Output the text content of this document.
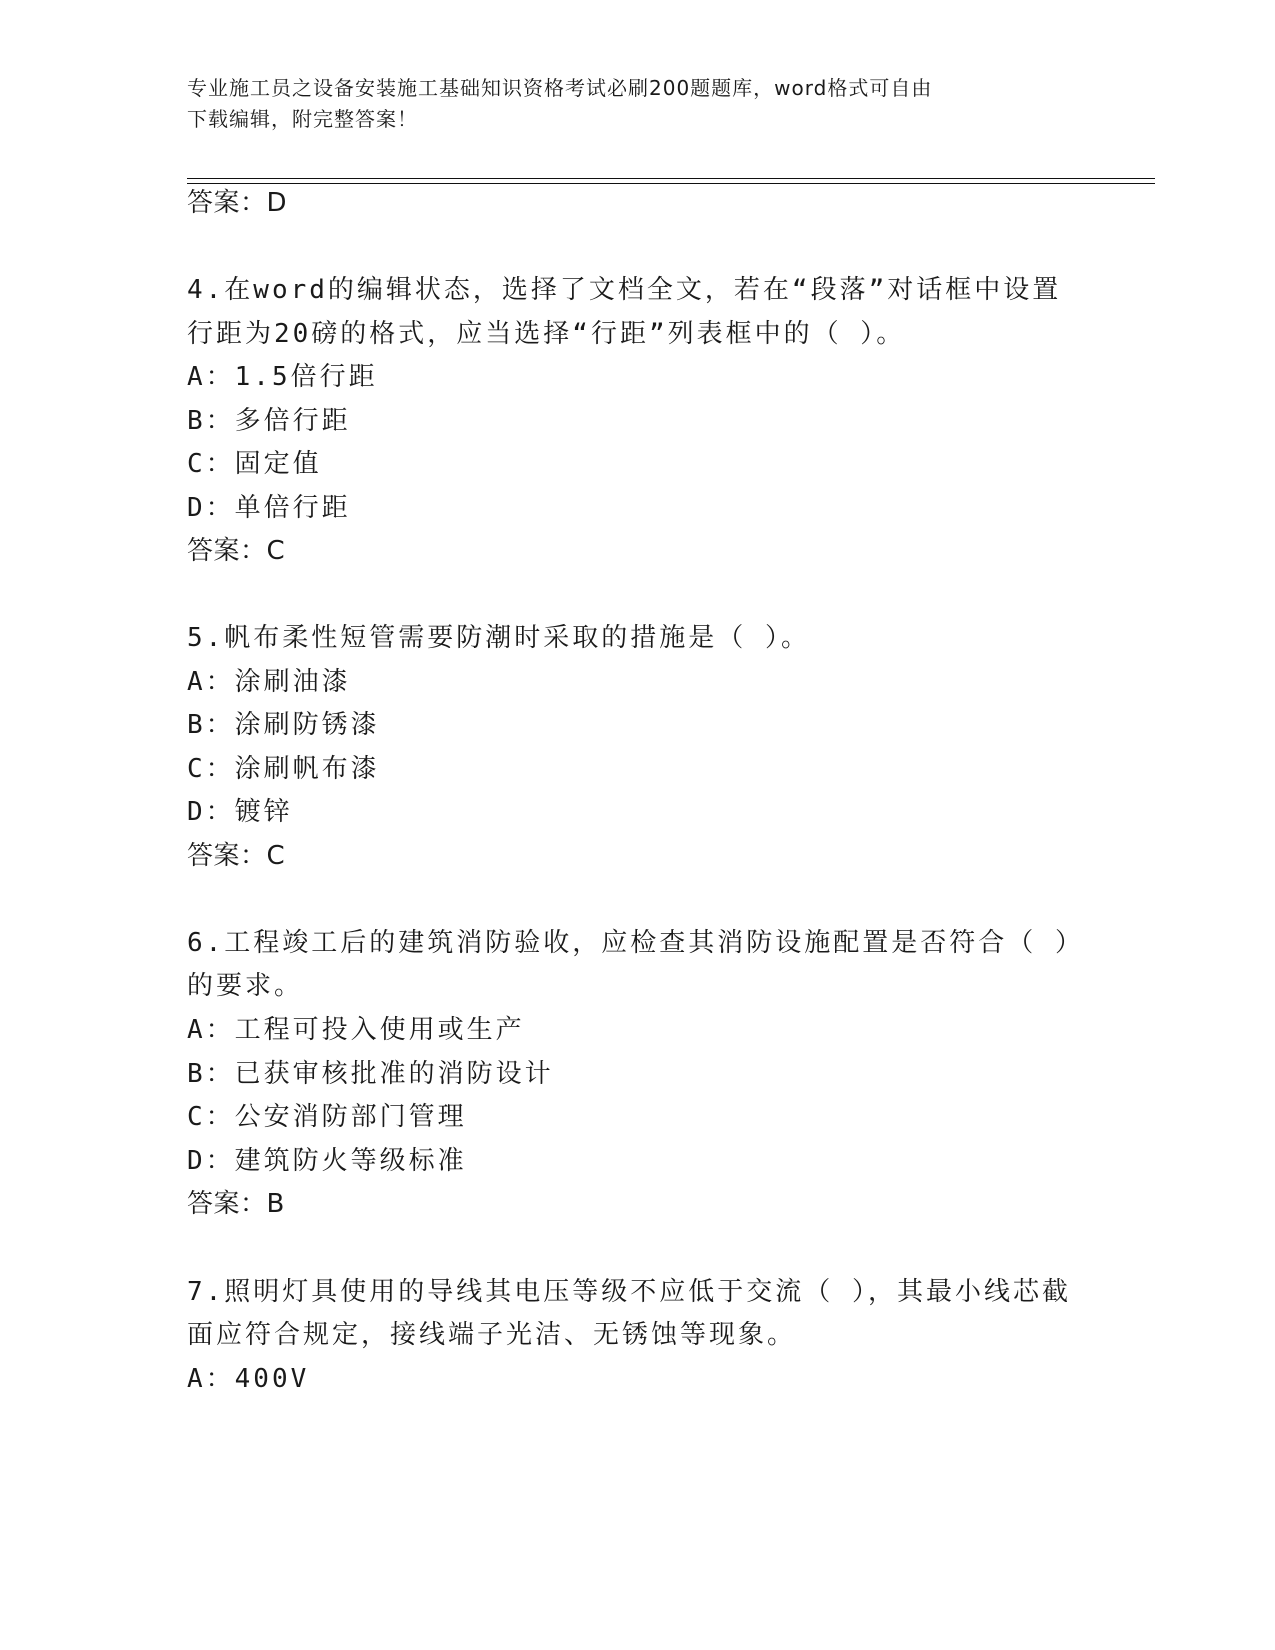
专业施工员之设备安装施工基础知识资格考试必刷200题题库，word格式可自由
下载编辑，附完整答案！
答案：D
4.在word的编辑状态，选择了文档全文，若在“段落”对话框中设置
行距为20磅的格式，应当选择“行距”列表框中的（ ）。
A：1.5倍行距
B：多倍行距
C：固定值
D：单倍行距
答案：C
5.帆布柔性短管需要防潮时采取的措施是（ ）。
A：涂刷油漆
B：涂刷防锈漆
C：涂刷帆布漆
D：镀锌
答案：C
6.工程竣工后的建筑消防验收，应检查其消防设施配置是否符合（ ）
的要求。
A：工程可投入使用或生产
B：已获审核批准的消防设计
C：公安消防部门管理
D：建筑防火等级标准
答案：B
7.照明灯具使用的导线其电压等级不应低于交流（ ），其最小线芯截
面应符合规定，接线端子光洁、无锈蚀等现象。
A：400V
